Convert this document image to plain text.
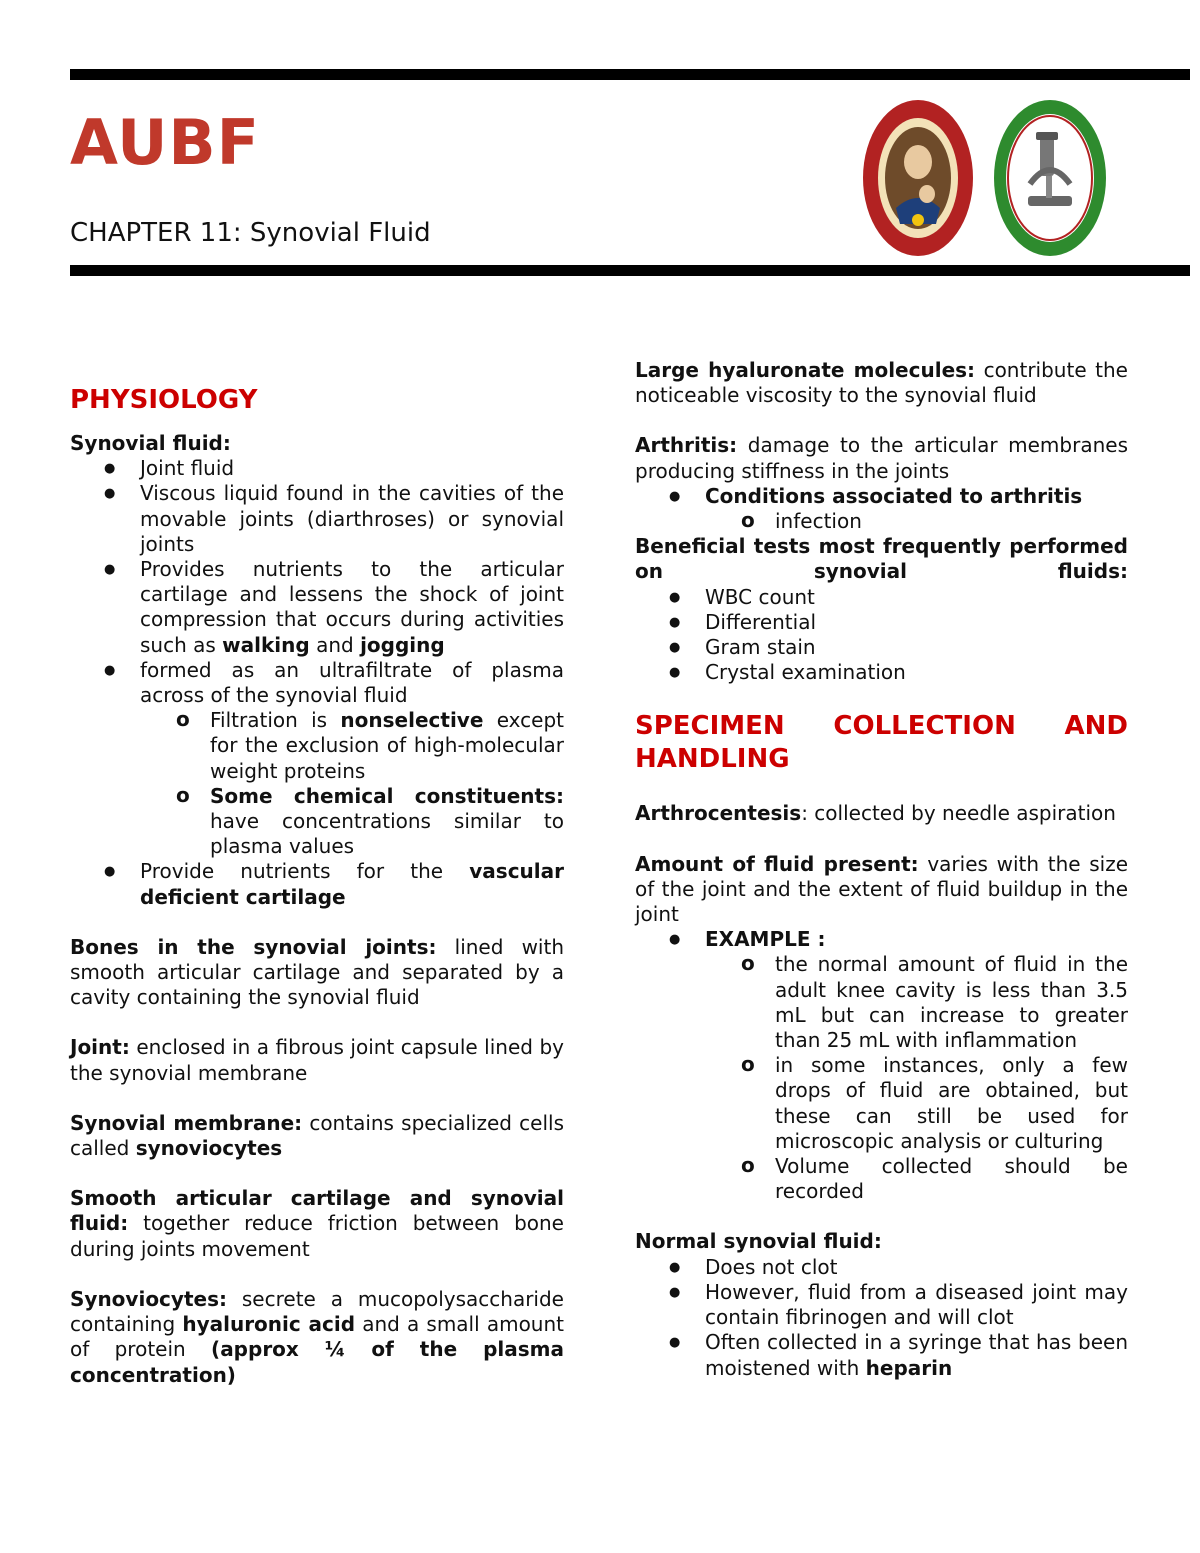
AUBF
CHAPTER 11: Synovial Fluid
PHYSIOLOGY

Synovial fluid:

● Joint fluid
● Viscous liquid found in the cavities of the movable joints (diarthroses) or synovial joints
● Provides nutrients to the articular cartilage and lessens the shock of joint compression that occurs during activities such as walking and jogging
● formed as an ultrafiltrate of plasma across of the synovial fluid
o Filtration is nonselective except for the exclusion of high-molecular weight proteins
o Some chemical constituents: have concentrations similar to plasma values
● Provide nutrients for the vascular deficient cartilage

Bones in the synovial joints: lined with smooth articular cartilage and separated by a cavity containing the synovial fluid

Joint: enclosed in a fibrous joint capsule lined by the synovial membrane

Synovial membrane: contains specialized cells called synoviocytes

Smooth articular cartilage and synovial fluid: together reduce friction between bone during joints movement

Synoviocytes: secrete a mucopolysaccharide containing hyaluronic acid and a small amount of protein (approx ¼ of the plasma concentration)

Large hyaluronate molecules: contribute the noticeable viscosity to the synovial fluid

Arthritis: damage to the articular membranes producing stiffness in the joints

● Conditions associated to arthritis
o infection

Beneficial tests most frequently performed on synovial fluids:

● WBC count
● Differential
● Gram stain
● Crystal examination
SPECIMEN COLLECTION AND HANDLING

Arthrocentesis: collected by needle aspiration

Amount of fluid present: varies with the size of the joint and the extent of fluid buildup in the joint

● EXAMPLE :
o the normal amount of fluid in the adult knee cavity is less than 3.5 mL but can increase to greater than 25 mL with inflammation
o in some instances, only a few drops of fluid are obtained, but these can still be used for microscopic analysis or culturing
o Volume collected should be recorded

Normal synovial fluid:

● Does not clot
● However, fluid from a diseased joint may contain fibrinogen and will clot
● Often collected in a syringe that has been moistened with heparin
